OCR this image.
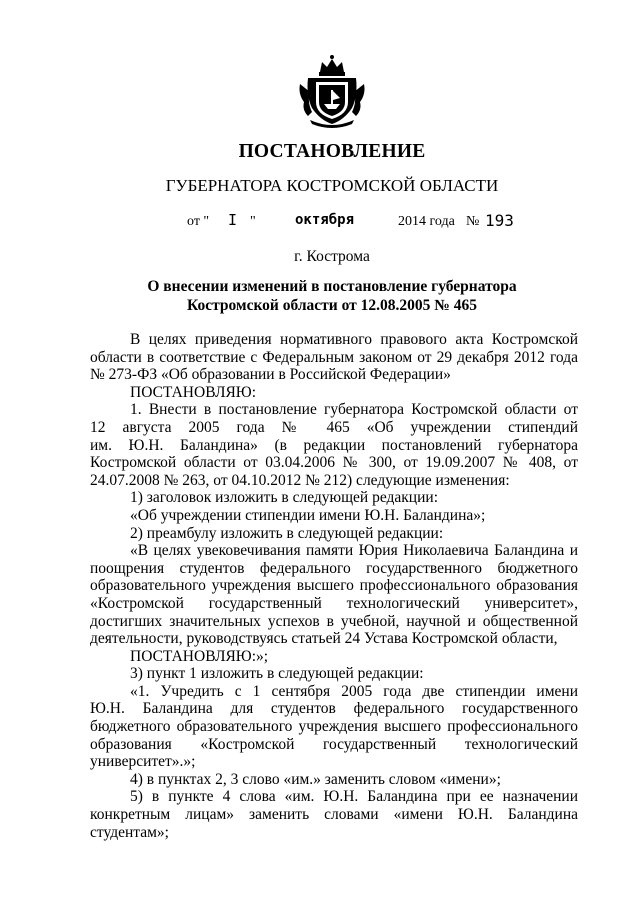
ПОСТАНОВЛЕНИЕ
ГУБЕРНАТОРА КОСТРОМСКОЙ ОБЛАСТИ
от " I "	октября	2014 года № 193
г. Кострома
О внесении изменений в постановление губернатора
Костромской области от 12.08.2005 № 465
В целях приведения нормативного правового акта Костромской
области в соответствие с Федеральным законом от 29 декабря 2012 года
№ 273-ФЗ «Об образовании в Российской Федерации»
ПОСТАНОВЛЯЮ:
1. Внести в постановление губернатора Костромской области от
12 августа 2005 года № 465 «Об учреждении стипендий
им. Ю.Н. Баландина» (в редакции постановлений губернатора
Костромской области от 03.04.2006 № 300, от 19.09.2007 № 408, от
24.07.2008 № 263, от 04.10.2012 № 212) следующие изменения:
1) заголовок изложить в следующей редакции:
«Об учреждении стипендии имени Ю.Н. Баландина»;
2) преамбулу изложить в следующей редакции:
«В целях увековечивания памяти Юрия Николаевича Баландина и
поощрения студентов федерального государственного бюджетного
образовательного учреждения высшего профессионального образования
«Костромской государственный технологический университет»,
достигших значительных успехов в учебной, научной и общественной
деятельности, руководствуясь статьей 24 Устава Костромской области,
ПОСТАНОВЛЯЮ:»;
3) пункт 1 изложить в следующей редакции:
«1. Учредить с 1 сентября 2005 года две стипендии имени
Ю.Н. Баландина для студентов федерального государственного
бюджетного образовательного учреждения высшего профессионального
образования «Костромской государственный технологический
университет».»;
4) в пунктах 2, 3 слово «им.» заменить словом «имени»;
5) в пункте 4 слова «им. Ю.Н. Баландина при ее назначении
конкретным лицам» заменить словами «имени Ю.Н. Баландина
студентам»;
